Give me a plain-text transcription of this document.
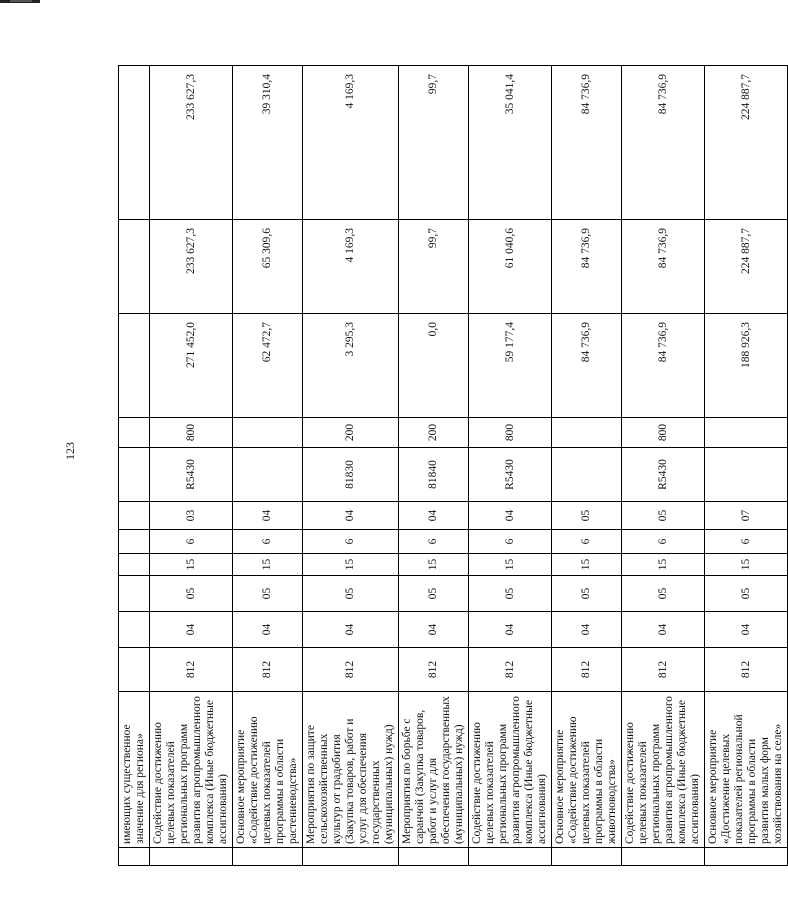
123
	имеющих существенное значение для региона»											
	Содействие достижению целевых показателей региональных программ развития агропромышленного комплекса (Иные бюджетные ассигнования)	812	04	05	15	6	03	R5430	800	271 452,0	233 627,3	233 627,3
	Основное мероприятие «Содействие достижению целевых показателей программы в области растениеводства»	812	04	05	15	6	04			62 472,7	65 309,6	39 310,4
	Мероприятия по защите сельскохозяйственных культур от градобития (Закупка товаров, работ и услуг для обеспечения государственных (муниципальных) нужд)	812	04	05	15	6	04	81830	200	3 295,3	4 169,3	4 169,3
	Мероприятия по борьбе с саранчой (Закупка товаров, работ и услуг для обеспечения государственных (муниципальных) нужд)	812	04	05	15	6	04	81840	200	0,0	99,7	99,7
	Содействие достижению целевых показателей региональных программ развития агропромышленного комплекса (Иные бюджетные ассигнования)	812	04	05	15	6	04	R5430	800	59 177,4	61 040,6	35 041,4
	Основное мероприятие «Содействие достижению целевых показателей программы в области животноводства»	812	04	05	15	6	05			84 736,9	84 736,9	84 736,9
	Содействие достижению целевых показателей региональных программ развития агропромышленного комплекса (Иные бюджетные ассигнования)	812	04	05	15	6	05	R5430	800	84 736,9	84 736,9	84 736,9
	Основное мероприятие «Достижение целевых показателей региональной программы в области развития малых форм хозяйствования на селе»	812	04	05	15	6	07			188 926,3	224 887,7	224 887,7
